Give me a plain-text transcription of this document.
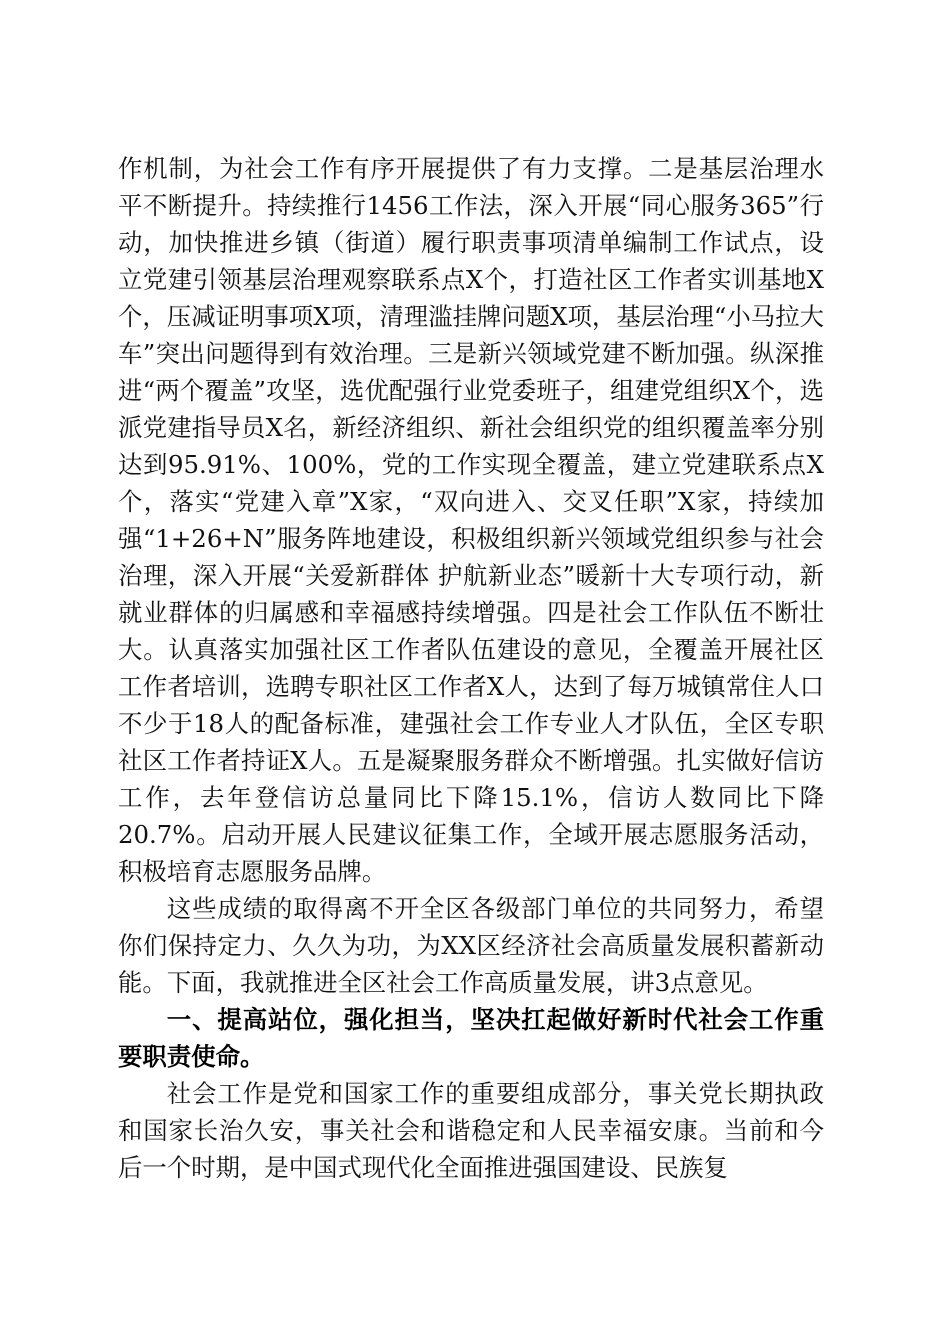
作机制，为社会工作有序开展提供了有力支撑。二是基层治理水平不断提升。持续推行1456工作法，深入开展“同心服务365”行动，加快推进乡镇（街道）履行职责事项清单编制工作试点，设立党建引领基层治理观察联系点X个，打造社区工作者实训基地X个，压减证明事项X项，清理滥挂牌问题X项，基层治理“小马拉大车”突出问题得到有效治理。三是新兴领域党建不断加强。纵深推进“两个覆盖”攻坚，选优配强行业党委班子，组建党组织X个，选派党建指导员X名，新经济组织、新社会组织党的组织覆盖率分别达到95.91%、100%，党的工作实现全覆盖，建立党建联系点X个，落实“党建入章”X家，“双向进入、交叉任职”X家，持续加强“1+26+N”服务阵地建设，积极组织新兴领域党组织参与社会治理，深入开展“关爱新群体 护航新业态”暖新十大专项行动，新就业群体的归属感和幸福感持续增强。四是社会工作队伍不断壮大。认真落实加强社区工作者队伍建设的意见，全覆盖开展社区工作者培训，选聘专职社区工作者X人，达到了每万城镇常住人口不少于18人的配备标准，建强社会工作专业人才队伍，全区专职社区工作者持证X人。五是凝聚服务群众不断增强。扎实做好信访工作，去年登信访总量同比下降15.1%，信访人数同比下降20.7%。启动开展人民建议征集工作，全域开展志愿服务活动，积极培育志愿服务品牌。

这些成绩的取得离不开全区各级部门单位的共同努力，希望你们保持定力、久久为功，为XX区经济社会高质量发展积蓄新动能。下面，我就推进全区社会工作高质量发展，讲3点意见。

一、提高站位，强化担当，坚决扛起做好新时代社会工作重要职责使命。

社会工作是党和国家工作的重要组成部分，事关党长期执政和国家长治久安，事关社会和谐稳定和人民幸福安康。当前和今后一个时期，是中国式现代化全面推进强国建设、民族复
